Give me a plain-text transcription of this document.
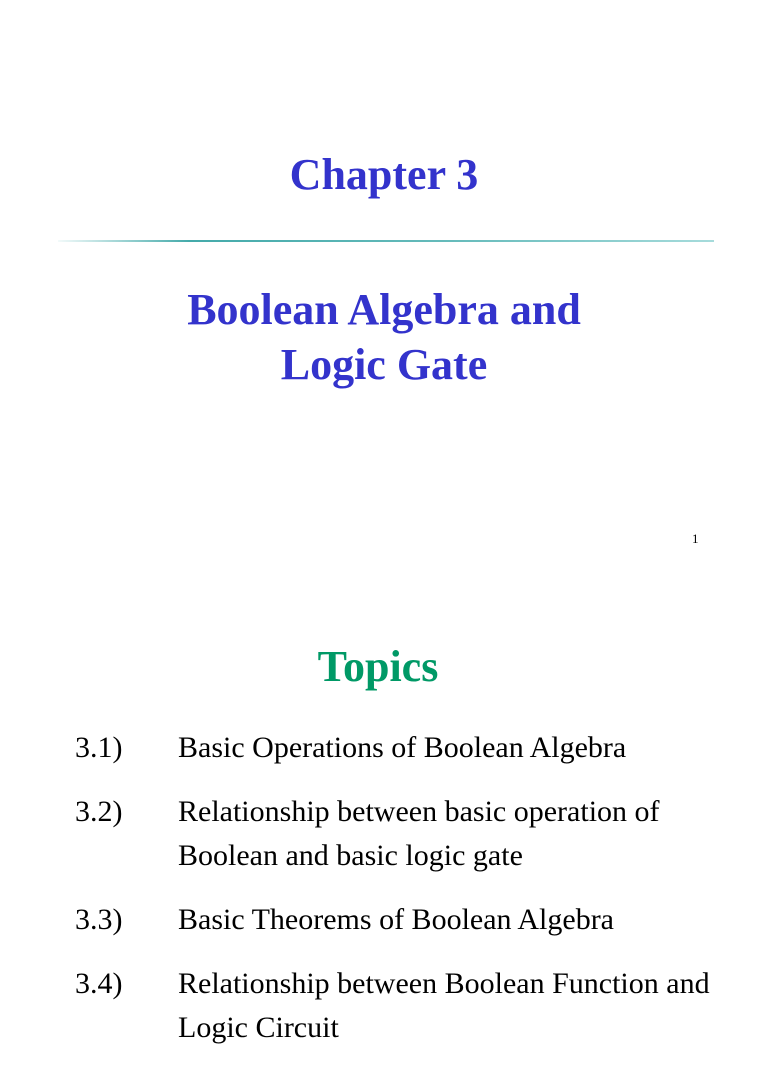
Chapter 3
Boolean Algebra and
Logic Gate
1
Topics
3.1) Basic Operations of Boolean Algebra
3.2) Relationship between basic operation of Boolean and basic logic gate
3.3) Basic Theorems of Boolean Algebra
3.4) Relationship between Boolean Function and Logic Circuit
